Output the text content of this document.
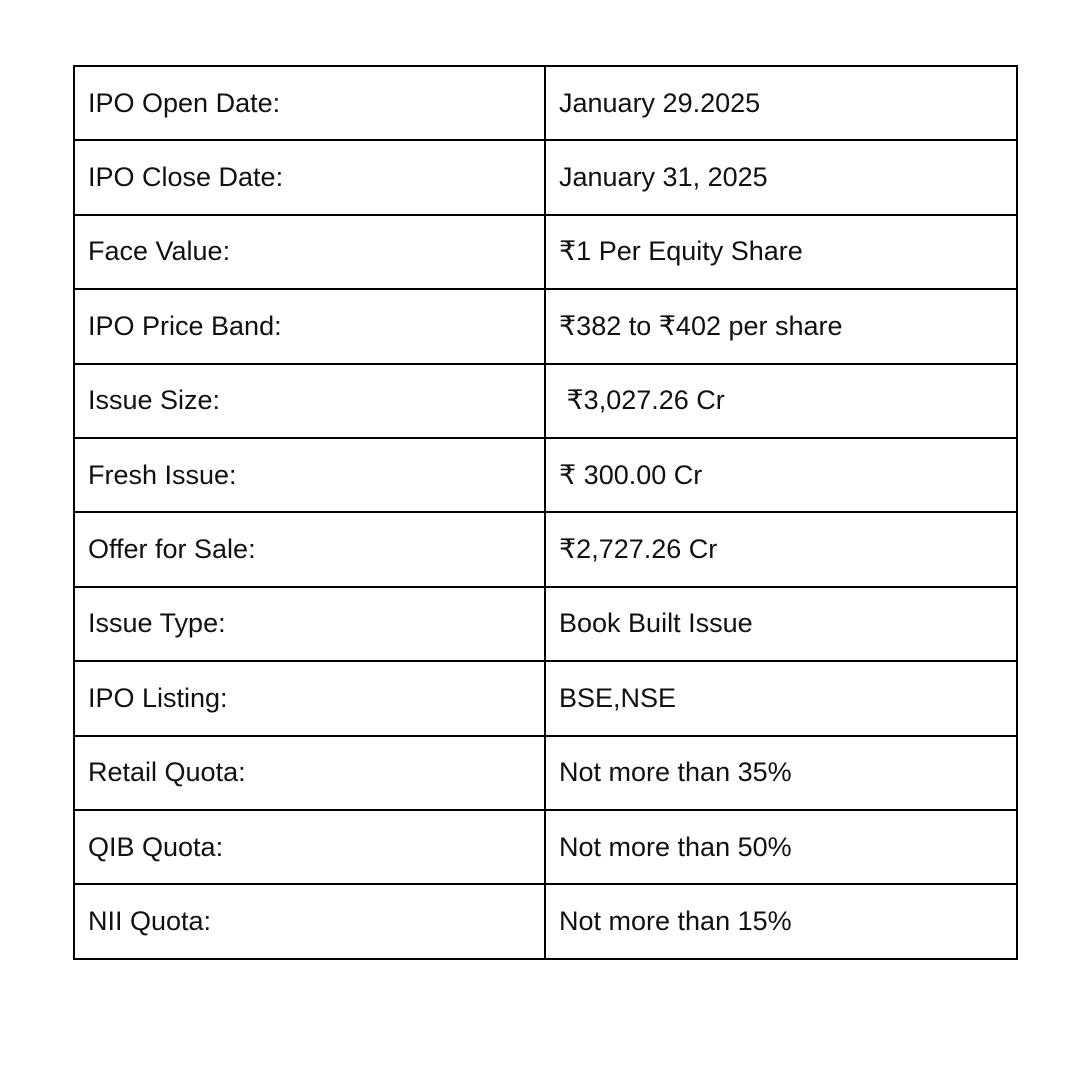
IPO Open Date:	January 29.2025
IPO Close Date:	January 31, 2025
Face Value:	₹1 Per Equity Share
IPO Price Band:	₹382 to ₹402 per share
Issue Size:	₹3,027.26 Cr
Fresh Issue:	₹ 300.00 Cr
Offer for Sale:	₹2,727.26 Cr
Issue Type:	Book Built Issue
IPO Listing:	BSE,NSE
Retail Quota:	Not more than 35%
QIB Quota:	Not more than 50%
NII Quota:	Not more than 15%
